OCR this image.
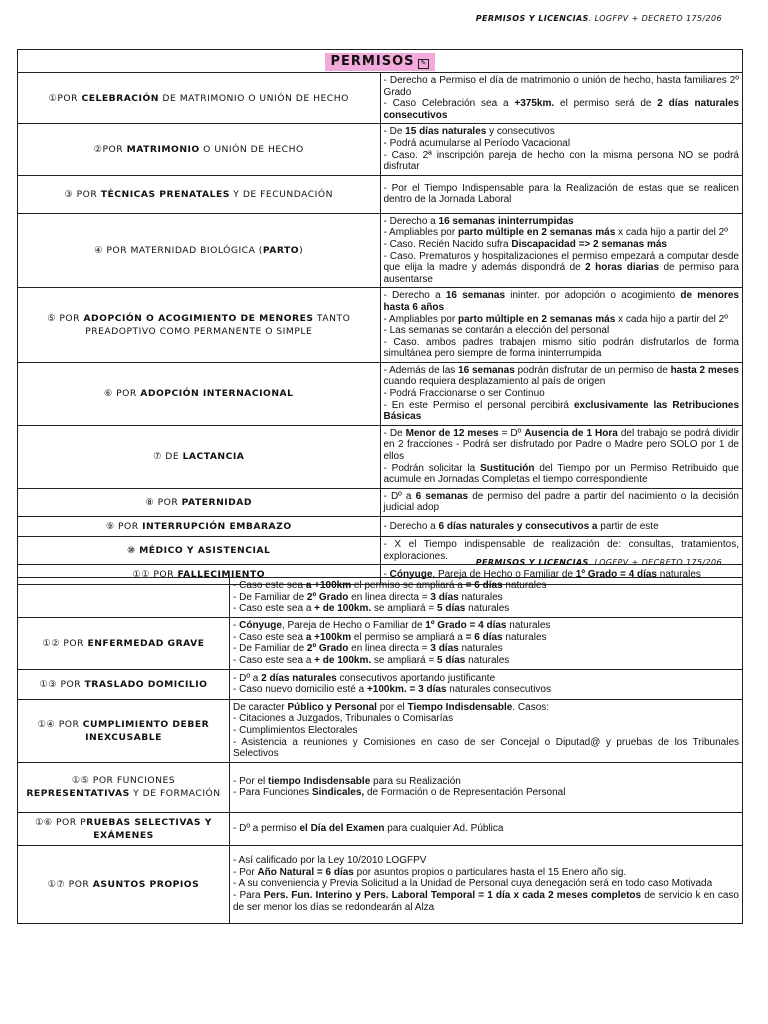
PERMISOS Y LICENCIAS. LOGFPV + DECRETO 175/206
PERMISOS ✎	
①POR CELEBRACIÓN DE MATRIMONIO O UNIÓN DE HECHO	- Derecho a Permiso el día de matrimonio o unión de hecho, hasta familiares 2º Grado
- Caso Celebración sea a +375km. el permiso será de 2 días naturales consecutivos

②POR MATRIMONIO O UNIÓN DE HECHO	- De 15 días naturales y consecutivos
- Podrá acumularse al Período Vacacional
- Caso. 2ª inscripción pareja de hecho con la misma persona NO se podrá disfrutar

③ POR TÉCNICAS PRENATALES Y DE FECUNDACIÓN	- Por el Tiempo Indispensable para la Realización de estas que se realicen dentro de la Jornada Laboral

④ POR MATERNIDAD BIOLÓGICA (PARTO)	- Derecho a 16 semanas ininterrumpidas
- Ampliables por parto múltiple en 2 semanas más x cada hijo a partir del 2º
- Caso. Recién Nacido sufra Discapacidad => 2 semanas más
- Caso. Prematuros y hospitalizaciones el permiso empezará a computar desde que elija la madre y además dispondrá de 2 horas diarias de permiso para ausentarse

⑤ POR ADOPCIÓN O ACOGIMIENTO DE MENORES TANTO PREADOPTIVO COMO PERMANENTE O SIMPLE	- Derecho a 16 semanas ininter. por adopción o acogimiento de menores hasta 6 años
- Ampliables por parto múltiple en 2 semanas más x cada hijo a partir del 2º
- Las semanas se contarán a elección del personal
- Caso. ambos padres trabajen mismo sitio podrán disfrutarlos de forma simultánea pero siempre de forma ininterrumpida

⑥ POR ADOPCIÓN INTERNACIONAL	- Además de las 16 semanas podrán disfrutar de un permiso de hasta 2 meses cuando requiera desplazamiento al país de origen
- Podrá Fraccionarse o ser Continuo
- En este Permiso el personal percibirá exclusivamente las Retribuciones Básicas

⑦ DE LACTANCIA	- De Menor de 12 meses = Dº Ausencia de 1 Hora del trabajo se podrá dividir en 2 fracciones - Podrá ser disfrutado por Padre o Madre pero SOLO por 1 de ellos
- Podrán solicitar la Sustitución del Tiempo por un Permiso Retribuido que acumule en Jornadas Completas el tiempo correspondiente

⑧ POR PATERNIDAD	- Dº a 6 semanas de permiso del padre a partir del nacimiento o la decisión judicial adop

⑨ POR INTERRUPCIÓN EMBARAZO	- Derecho a 6 días naturales y consecutivos a partir de este

⑩ MÉDICO Y ASISTENCIAL	- X el Tiempo indispensable de realización de: consultas, tratamientos, exploraciones.

①① POR FALLECIMIENTO	- Cónyuge, Pareja de Hecho o Familiar de 1º Grado = 4 días naturales
PERMISOS Y LICENCIAS. LOGFPV + DECRETO 175/206

	- Caso este sea a +100km el permiso se ampliará a = 6 días naturales
- De Familiar de 2º Grado en linea directa = 3 días naturales
- Caso este sea a + de 100km. se ampliará = 5 días naturales

①② POR ENFERMEDAD GRAVE	- Cónyuge, Pareja de Hecho o Familiar de 1º Grado = 4 días naturales
- Caso este sea a +100km el permiso se ampliará a = 6 días naturales
- De Familiar de 2º Grado en linea directa = 3 días naturales
- Caso este sea a + de 100km. se ampliará = 5 días naturales

①③ POR TRASLADO DOMICILIO	- Dº a 2 días naturales consecutivos aportando justificante
- Caso nuevo domicilio esté a +100km. = 3 días naturales consecutivos

①④ POR CUMPLIMIENTO DEBER INEXCUSABLE	De caracter Público y Personal por el Tiempo Indisdensable. Casos:
- Citaciones a Juzgados, Tribunales o Comisarías
- Cumplimientos Electorales
- Asistencia a reuniones y Comisiones en caso de ser Concejal o Diputad@ y pruebas de los Tribunales Selectivos

①⑤ POR FUNCIONES REPRESENTATIVAS Y DE FORMACIÓN	- Por el tiempo Indisdensable para su Realización
- Para Funciones Sindicales, de Formación o de Representación Personal

①⑥ POR PRUEBAS SELECTIVAS Y EXÁMENES	- Dº a permiso el Día del Examen para cualquier Ad. Pública

①⑦ POR ASUNTOS PROPIOS	- Así calificado por la Ley 10/2010 LOGFPV
- Por Año Natural = 6 días por asuntos propios o particulares hasta el 15 Enero año sig.
- A su conveniencia y Previa Solicitud a la Unidad de Personal cuya denegación será en todo caso Motivada
- Para Pers. Fun. Interino y Pers. Laboral Temporal = 1 día x cada 2 meses completos de servicio k en caso de ser menor los días se redondearán al Alza
